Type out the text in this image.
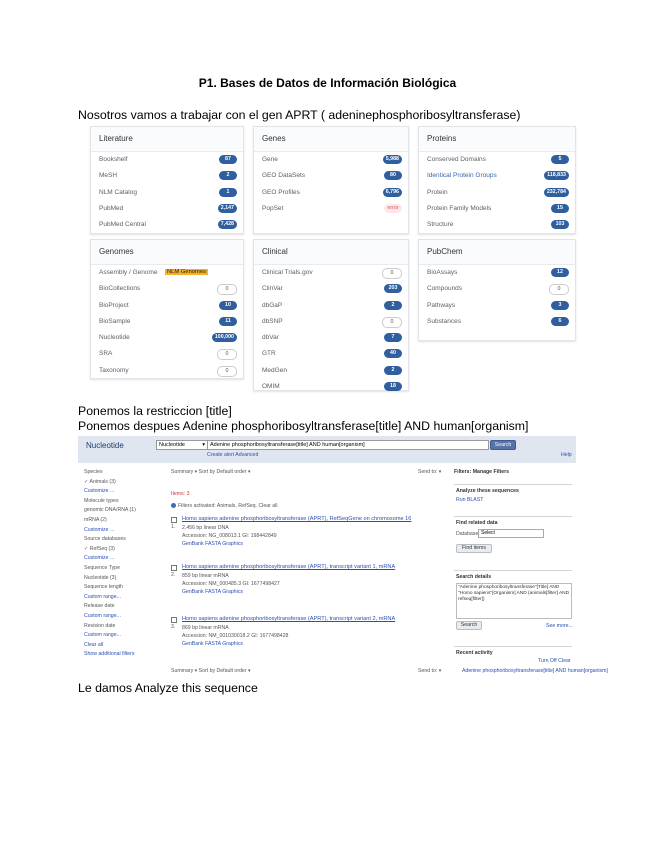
P1. Bases de Datos de Información Biológica
Nosotros vamos a trabajar con el gen APRT ( adeninephosphoribosyltransferase)
Literature
Bookshelf	87
MeSH	2
NLM Catalog	1
PubMed	2,147
PubMed Central	7,428
Genes
Gene	5,988
GEO DataSets	80
GEO Profiles	6,796
PopSet	error
Proteins
Conserved Domains	5
Identical Protein Groups	118,833
Protein	232,784
Protein Family Models	15
Structure	103
Genomes
Assembly / Genome	NLM Genomes
BioCollections	0
BioProject	10
BioSample	11
Nucleotide	100,000
SRA	0
Taxonomy	0
Clinical
Clinical Trials.gov	0
ClinVar	203
dbGaP	2
dbSNP	0
dbVar	7
GTR	40
MedGen	2
OMIM	18
PubChem
BioAssays	12
Compounds	0
Pathways	3
Substances	6
Ponemos la restriccion [title]
Ponemos despues Adenine phosphoribosyltransferase[title] AND human[organism]
Nucleotide	Nucleotide	▾ Adenine phosphoribosyltransferase[title] AND human[organism]	Search
Create alert Advanced	Help
Species
✓ Animals (3)
Customize ...
Molecule types
genomic DNA/RNA (1)
mRNA (2)
Customize ...
Source databases
✓ RefSeq (3)
Customize ...
Sequence Type
Nucleotide (3)
Sequence length
Custom range...
Release date
Custom range...
Revision date
Custom range...
Clear all
Show additional filters
Summary ▾ Sort by Default order ▾	Send to: ▾
Items: 3
Filters activated: Animals, RefSeq. Clear all
1.
Homo sapiens adenine phosphoribosyltransferase (APRT), RefSeqGene on chromosome 16
2,456 bp linear DNA
Accession: NG_008013.1 GI: 198442849
GenBank FASTA Graphics
2.
Homo sapiens adenine phosphoribosyltransferase (APRT), transcript variant 1, mRNA
859 bp linear mRNA
Accession: NM_000485.3 GI: 1677498427
GenBank FASTA Graphics
3.
Homo sapiens adenine phosphoribosyltransferase (APRT), transcript variant 2, mRNA
869 bp linear mRNA
Accession: NM_001030018.2 GI: 1677498428
GenBank FASTA Graphics
Summary ▾ Sort by Default order ▾	Send to: ▾
Filters: Manage Filters
Analyze these sequences
Run BLAST
Find related data
Database: Select
Find items
Search details
"Adenine phosphoribosyltransferase"[Title] AND "Homo sapiens"[Organism] AND (animals[filter] AND refseq[filter])
Search	See more...
Recent activity
Turn Off Clear
Adenine phosphoribosyltransferase[title] AND human[organism]
Le damos Analyze this sequence
